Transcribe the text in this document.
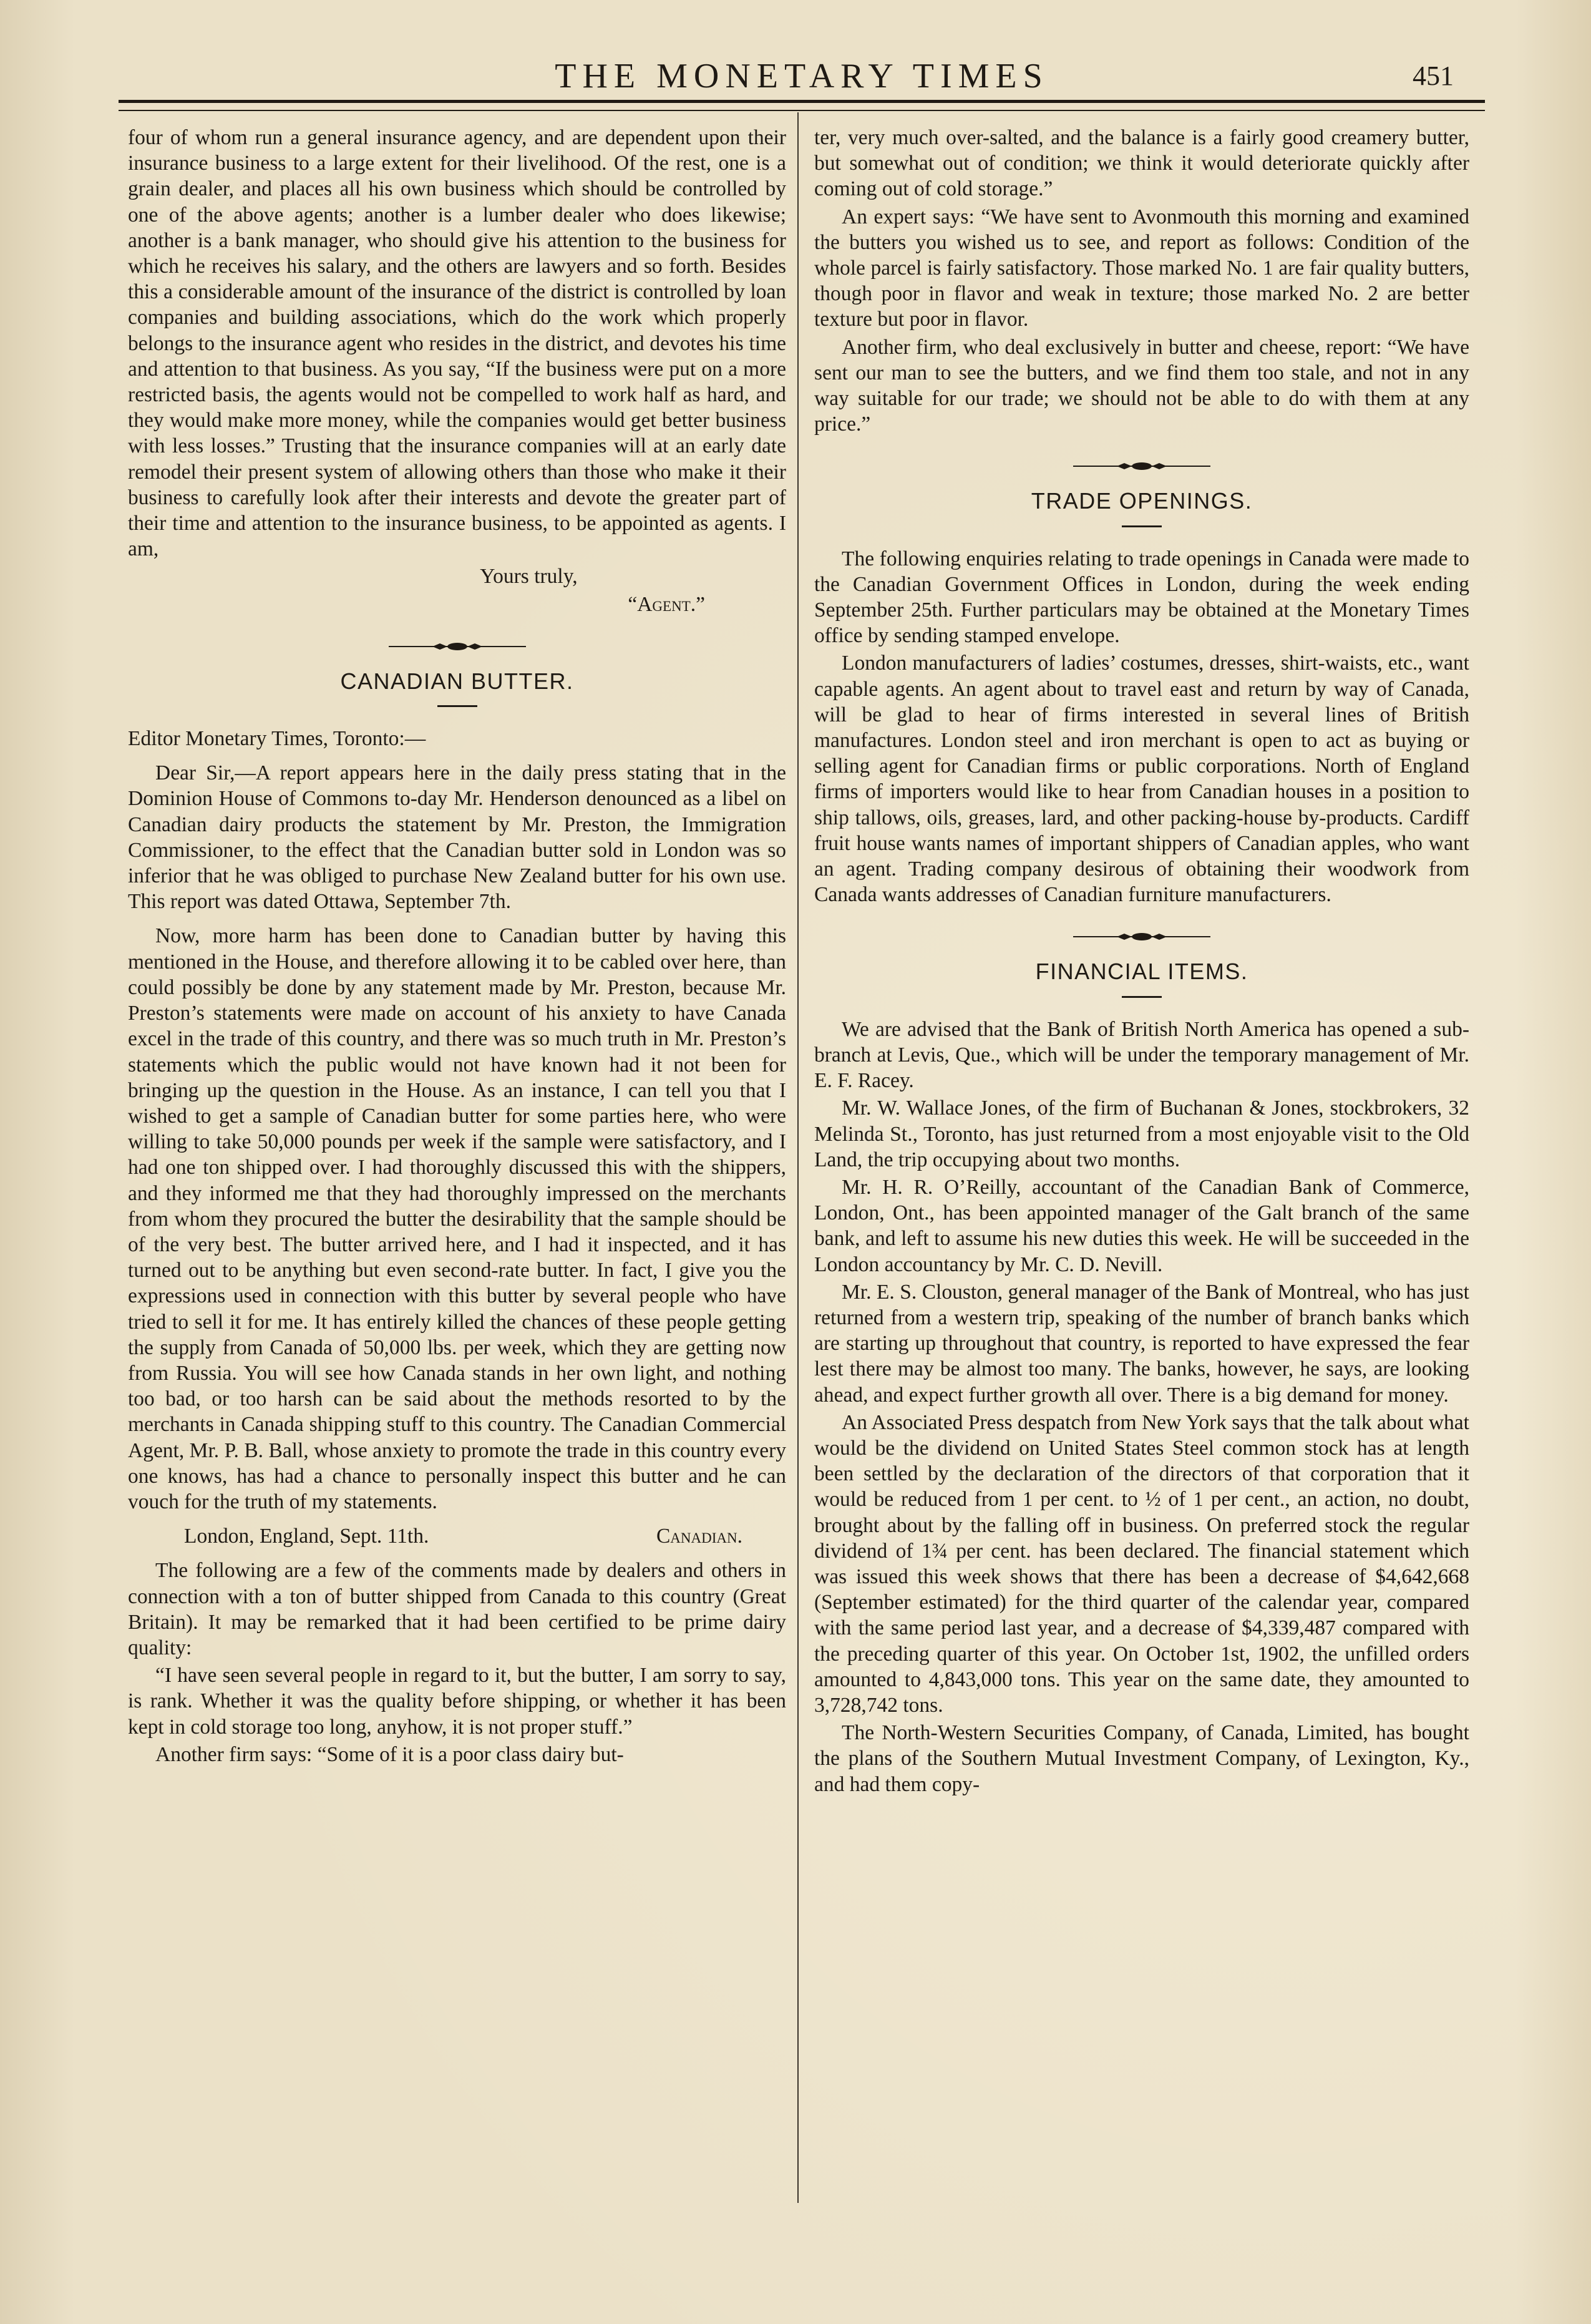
THE MONETARY TIMES	451

four of whom run a general insurance agency, and are dependent upon their insurance business to a large extent for their livelihood. Of the rest, one is a grain dealer, and places all his own business which should be controlled by one of the above agents; another is a lumber dealer who does likewise; another is a bank manager, who should give his attention to the business for which he receives his salary, and the others are lawyers and so forth. Besides this a considerable amount of the insurance of the district is controlled by loan companies and building associations, which do the work which properly belongs to the insurance agent who resides in the district, and devotes his time and attention to that business. As you say, “If the business were put on a more restricted basis, the agents would not be compelled to work half as hard, and they would make more money, while the companies would get better business with less losses.” Trusting that the insurance companies will at an early date remodel their present system of allowing others than those who make it their business to carefully look after their interests and devote the greater part of their time and attention to the insurance business, to be appointed as agents. I am,

Yours truly,

“Agent.”

CANADIAN BUTTER.

Editor Monetary Times, Toronto:—

Dear Sir,—A report appears here in the daily press stating that in the Dominion House of Commons to-day Mr. Henderson denounced as a libel on Canadian dairy products the statement by Mr. Preston, the Immigration Commissioner, to the effect that the Canadian butter sold in London was so inferior that he was obliged to purchase New Zealand butter for his own use. This report was dated Ottawa, September 7th.

Now, more harm has been done to Canadian butter by having this mentioned in the House, and therefore allowing it to be cabled over here, than could possibly be done by any statement made by Mr. Preston, because Mr. Preston’s statements were made on account of his anxiety to have Canada excel in the trade of this country, and there was so much truth in Mr. Preston’s statements which the public would not have known had it not been for bringing up the question in the House. As an instance, I can tell you that I wished to get a sample of Canadian butter for some parties here, who were willing to take 50,000 pounds per week if the sample were satisfactory, and I had one ton shipped over. I had thoroughly discussed this with the shippers, and they informed me that they had thoroughly impressed on the merchants from whom they procured the butter the desirability that the sample should be of the very best. The butter arrived here, and I had it inspected, and it has turned out to be anything but even second-rate butter. In fact, I give you the expressions used in connection with this butter by several people who have tried to sell it for me. It has entirely killed the chances of these people getting the supply from Canada of 50,000 lbs. per week, which they are getting now from Russia. You will see how Canada stands in her own light, and nothing too bad, or too harsh can be said about the methods resorted to by the merchants in Canada shipping stuff to this country. The Canadian Commercial Agent, Mr. P. B. Ball, whose anxiety to promote the trade in this country every one knows, has had a chance to personally inspect this butter and he can vouch for the truth of my statements.

London, England, Sept. 11th.	Canadian.

The following are a few of the comments made by dealers and others in connection with a ton of butter shipped from Canada to this country (Great Britain). It may be remarked that it had been certified to be prime dairy quality:

“I have seen several people in regard to it, but the butter, I am sorry to say, is rank. Whether it was the quality before shipping, or whether it has been kept in cold storage too long, anyhow, it is not proper stuff.”

Another firm says: “Some of it is a poor class dairy but-

ter, very much over-salted, and the balance is a fairly good creamery butter, but somewhat out of condition; we think it would deteriorate quickly after coming out of cold storage.”

An expert says: “We have sent to Avonmouth this morning and examined the butters you wished us to see, and report as follows: Condition of the whole parcel is fairly satisfactory. Those marked No. 1 are fair quality butters, though poor in flavor and weak in texture; those marked No. 2 are better texture but poor in flavor.

Another firm, who deal exclusively in butter and cheese, report: “We have sent our man to see the butters, and we find them too stale, and not in any way suitable for our trade; we should not be able to do with them at any price.”

TRADE OPENINGS.

The following enquiries relating to trade openings in Canada were made to the Canadian Government Offices in London, during the week ending September 25th. Further particulars may be obtained at the Monetary Times office by sending stamped envelope.

London manufacturers of ladies’ costumes, dresses, shirt-waists, etc., want capable agents. An agent about to travel east and return by way of Canada, will be glad to hear of firms interested in several lines of British manufactures. London steel and iron merchant is open to act as buying or selling agent for Canadian firms or public corporations. North of England firms of importers would like to hear from Canadian houses in a position to ship tallows, oils, greases, lard, and other packing-house by-products. Cardiff fruit house wants names of important shippers of Canadian apples, who want an agent. Trading company desirous of obtaining their woodwork from Canada wants addresses of Canadian furniture manufacturers.

FINANCIAL ITEMS.

We are advised that the Bank of British North America has opened a sub-branch at Levis, Que., which will be under the temporary management of Mr. E. F. Racey.

Mr. W. Wallace Jones, of the firm of Buchanan & Jones, stockbrokers, 32 Melinda St., Toronto, has just returned from a most enjoyable visit to the Old Land, the trip occupying about two months.

Mr. H. R. O’Reilly, accountant of the Canadian Bank of Commerce, London, Ont., has been appointed manager of the Galt branch of the same bank, and left to assume his new duties this week. He will be succeeded in the London accountancy by Mr. C. D. Nevill.

Mr. E. S. Clouston, general manager of the Bank of Montreal, who has just returned from a western trip, speaking of the number of branch banks which are starting up throughout that country, is reported to have expressed the fear lest there may be almost too many. The banks, however, he says, are looking ahead, and expect further growth all over. There is a big demand for money.

An Associated Press despatch from New York says that the talk about what would be the dividend on United States Steel common stock has at length been settled by the declaration of the directors of that corporation that it would be reduced from 1 per cent. to ½ of 1 per cent., an action, no doubt, brought about by the falling off in business. On preferred stock the regular dividend of 1¾ per cent. has been declared. The financial statement which was issued this week shows that there has been a decrease of $4,642,668 (September estimated) for the third quarter of the calendar year, compared with the same period last year, and a decrease of $4,339,487 compared with the preceding quarter of this year. On October 1st, 1902, the unfilled orders amounted to 4,843,000 tons. This year on the same date, they amounted to 3,728,742 tons.

The North-Western Securities Company, of Canada, Limited, has bought the plans of the Southern Mutual Investment Company, of Lexington, Ky., and had them copy-
